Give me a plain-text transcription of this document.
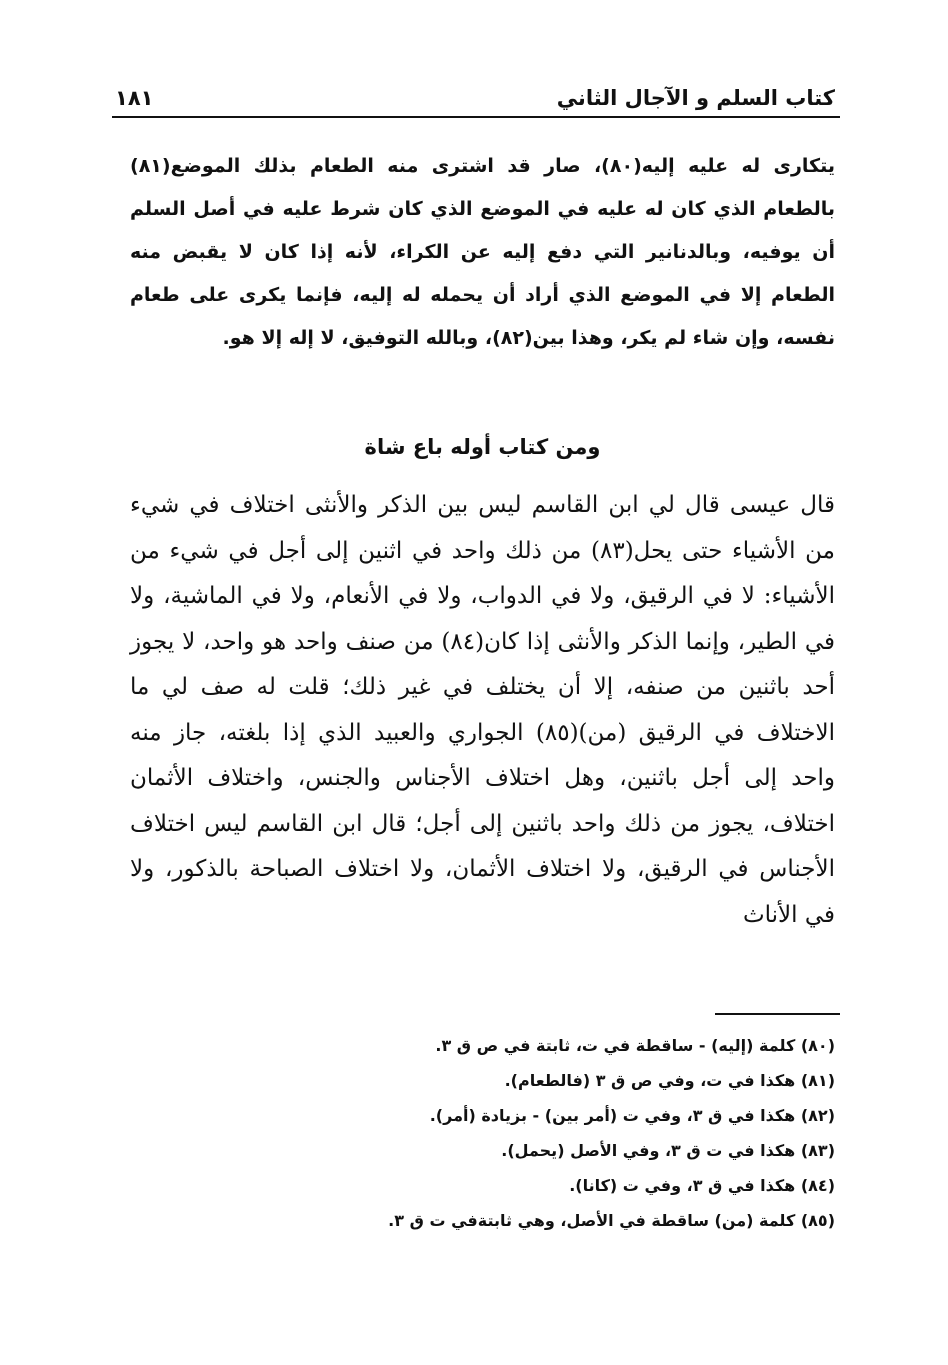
كتاب السلم و الآجال الثاني
١٨١

يتكارى له عليه إليه(٨٠)، صار قد اشترى منه الطعام بذلك الموضع(٨١) بالطعام الذي كان له عليه في الموضع الذي كان شرط عليه في أصل السلم أن يوفيه، وبالدنانير التي دفع إليه عن الكراء، لأنه إذا كان لا يقبض منه الطعام إلا في الموضع الذي أراد أن يحمله له إليه، فإنما يكرى على طعام نفسه، وإن شاء لم يكر، وهذا بين(٨٢)، وبالله التوفيق، لا إله إلا هو.

ومن كتاب أوله باع شاة

قال عيسى قال لي ابن القاسم ليس بين الذكر والأنثى اختلاف في شيء من الأشياء حتى يحل(٨٣) من ذلك واحد في اثنين إلى أجل في شيء من الأشياء: لا في الرقيق، ولا في الدواب، ولا في الأنعام، ولا في الماشية، ولا في الطير، وإنما الذكر والأنثى إذا كان(٨٤) من صنف واحد هو واحد، لا يجوز أحد باثنين من صنفه، إلا أن يختلف في غير ذلك؛ قلت له صف لي ما الاختلاف في الرقيق (من)(٨٥) الجواري والعبيد الذي إذا بلغته، جاز منه واحد إلى أجل باثنين، وهل اختلاف الأجناس والجنس، واختلاف الأثمان اختلاف، يجوز من ذلك واحد باثنين إلى أجل؛ قال ابن القاسم ليس اختلاف الأجناس في الرقيق، ولا اختلاف الأثمان، ولا اختلاف الصباحة بالذكور، ولا في الأناث

(٨٠) كلمة (إليه) - ساقطة في ت، ثابتة في ص ق ٣.
(٨١) هكذا في ت، وفي ص ق ٣ (فالطعام).
(٨٢) هكذا في ق ٣، وفي ت (أمر بين) - بزيادة (أمر).
(٨٣) هكذا في ت ق ٣، وفي الأصل (يحمل).
(٨٤) هكذا في ق ٣، وفي ت (كانا).
(٨٥) كلمة (من) ساقطة في الأصل، وهي ثابتةفي ت ق ٣.
